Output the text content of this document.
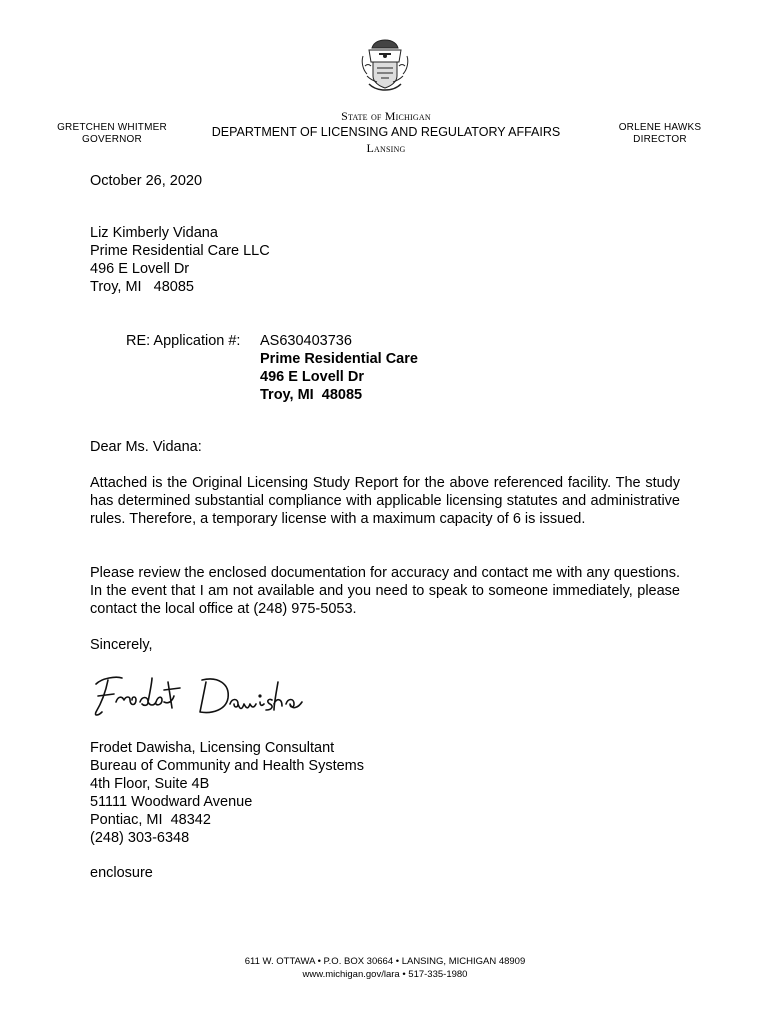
GRETCHEN WHITMER
GOVERNOR
State of Michigan
DEPARTMENT OF LICENSING AND REGULATORY AFFAIRS
Lansing
ORLENE HAWKS
DIRECTOR
October 26, 2020
Liz Kimberly Vidana
Prime Residential Care LLC
496 E Lovell Dr
Troy, MI   48085
RE: Application #: AS630403736
Prime Residential Care
496 E Lovell Dr
Troy, MI  48085
Dear Ms. Vidana:
Attached is the Original Licensing Study Report for the above referenced facility. The study has determined substantial compliance with applicable licensing statutes and administrative rules. Therefore, a temporary license with a maximum capacity of 6 is issued.
Please review the enclosed documentation for accuracy and contact me with any questions. In the event that I am not available and you need to speak to someone immediately, please contact the local office at (248) 975-5053.
Sincerely,
Frodet Dawisha, Licensing Consultant
Bureau of Community and Health Systems
4th Floor, Suite 4B
51111 Woodward Avenue
Pontiac, MI  48342
(248) 303-6348
enclosure
611 W. OTTAWA • P.O. BOX 30664 • LANSING, MICHIGAN 48909
www.michigan.gov/lara • 517-335-1980
